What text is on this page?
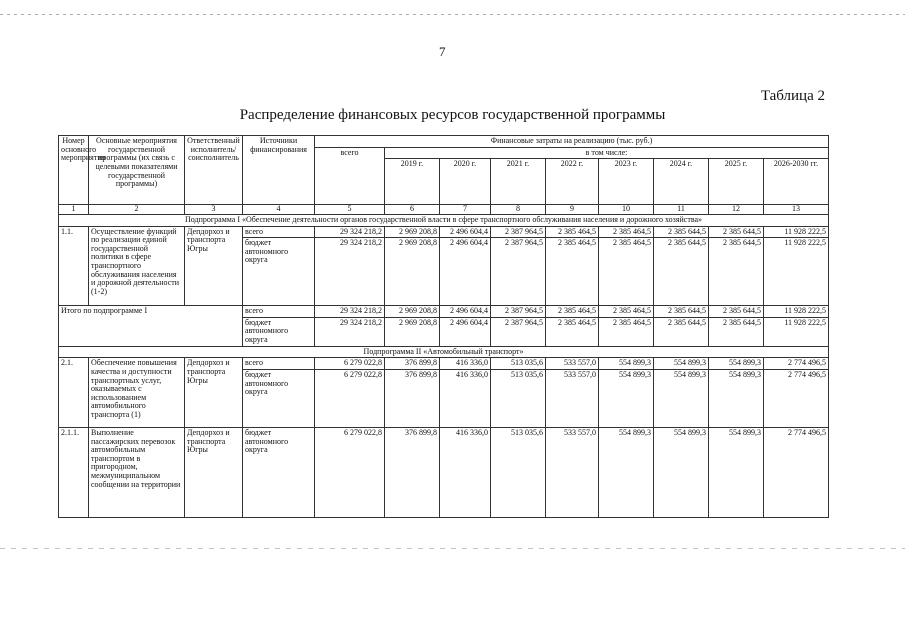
7
Таблица 2
Распределение финансовых ресурсов государственной программы
Номер основного мероприятия	Основные мероприятия государственной программы (их связь с целевыми показателями государственной программы)	Ответственный исполнитель/ соисполнитель	Источники финансирования	Финансовые затраты на реализацию (тыс. руб.)								
				всего	в том числе:							
					2019 г.	2020 г.	2021 г.	2022 г.	2023 г.	2024 г.	2025 г.	2026-2030 гг.
1	2	3	4	5	6	7	8	9	10	11	12	13
Подпрограмма I «Обеспечение деятельности органов государственной власти в сфере транспортного обслуживания населения и дорожного хозяйства»												
1.1.	Осуществление функций по реализации единой государственной политики в сфере транспортного обслуживания населения и дорожной деятельности (1-2)	Депдорхоз и транспорта Югры	всего	29 324 218,2	2 969 208,8	2 496 604,4	2 387 964,5	2 385 464,5	2 385 464,5	2 385 644,5	2 385 644,5	11 928 222,5
			бюджет автономного округа	29 324 218,2	2 969 208,8	2 496 604,4	2 387 964,5	2 385 464,5	2 385 464,5	2 385 644,5	2 385 644,5	11 928 222,5
Итого по подпрограмме I			всего	29 324 218,2	2 969 208,8	2 496 604,4	2 387 964,5	2 385 464,5	2 385 464,5	2 385 644,5	2 385 644,5	11 928 222,5
			бюджет автономного округа	29 324 218,2	2 969 208,8	2 496 604,4	2 387 964,5	2 385 464,5	2 385 464,5	2 385 644,5	2 385 644,5	11 928 222,5
Подпрограмма II «Автомобильный транспорт»												
2.1.	Обеспечение повышения качества и доступности транспортных услуг, оказываемых с использованием автомобильного транспорта (1)	Депдорхоз и транспорта Югры	всего	6 279 022,8	376 899,8	416 336,0	513 035,6	533 557,0	554 899,3	554 899,3	554 899,3	2 774 496,5
			бюджет автономного округа	6 279 022,8	376 899,8	416 336,0	513 035,6	533 557,0	554 899,3	554 899,3	554 899,3	2 774 496,5
2.1.1.	Выполнение пассажирских перевозок автомобильным транспортом в пригородном, межмуниципальном сообщении на территории	Депдорхоз и транспорта Югры	бюджет автономного округа	6 279 022,8	376 899,8	416 336,0	513 035,6	533 557,0	554 899,3	554 899,3	554 899,3	2 774 496,5
